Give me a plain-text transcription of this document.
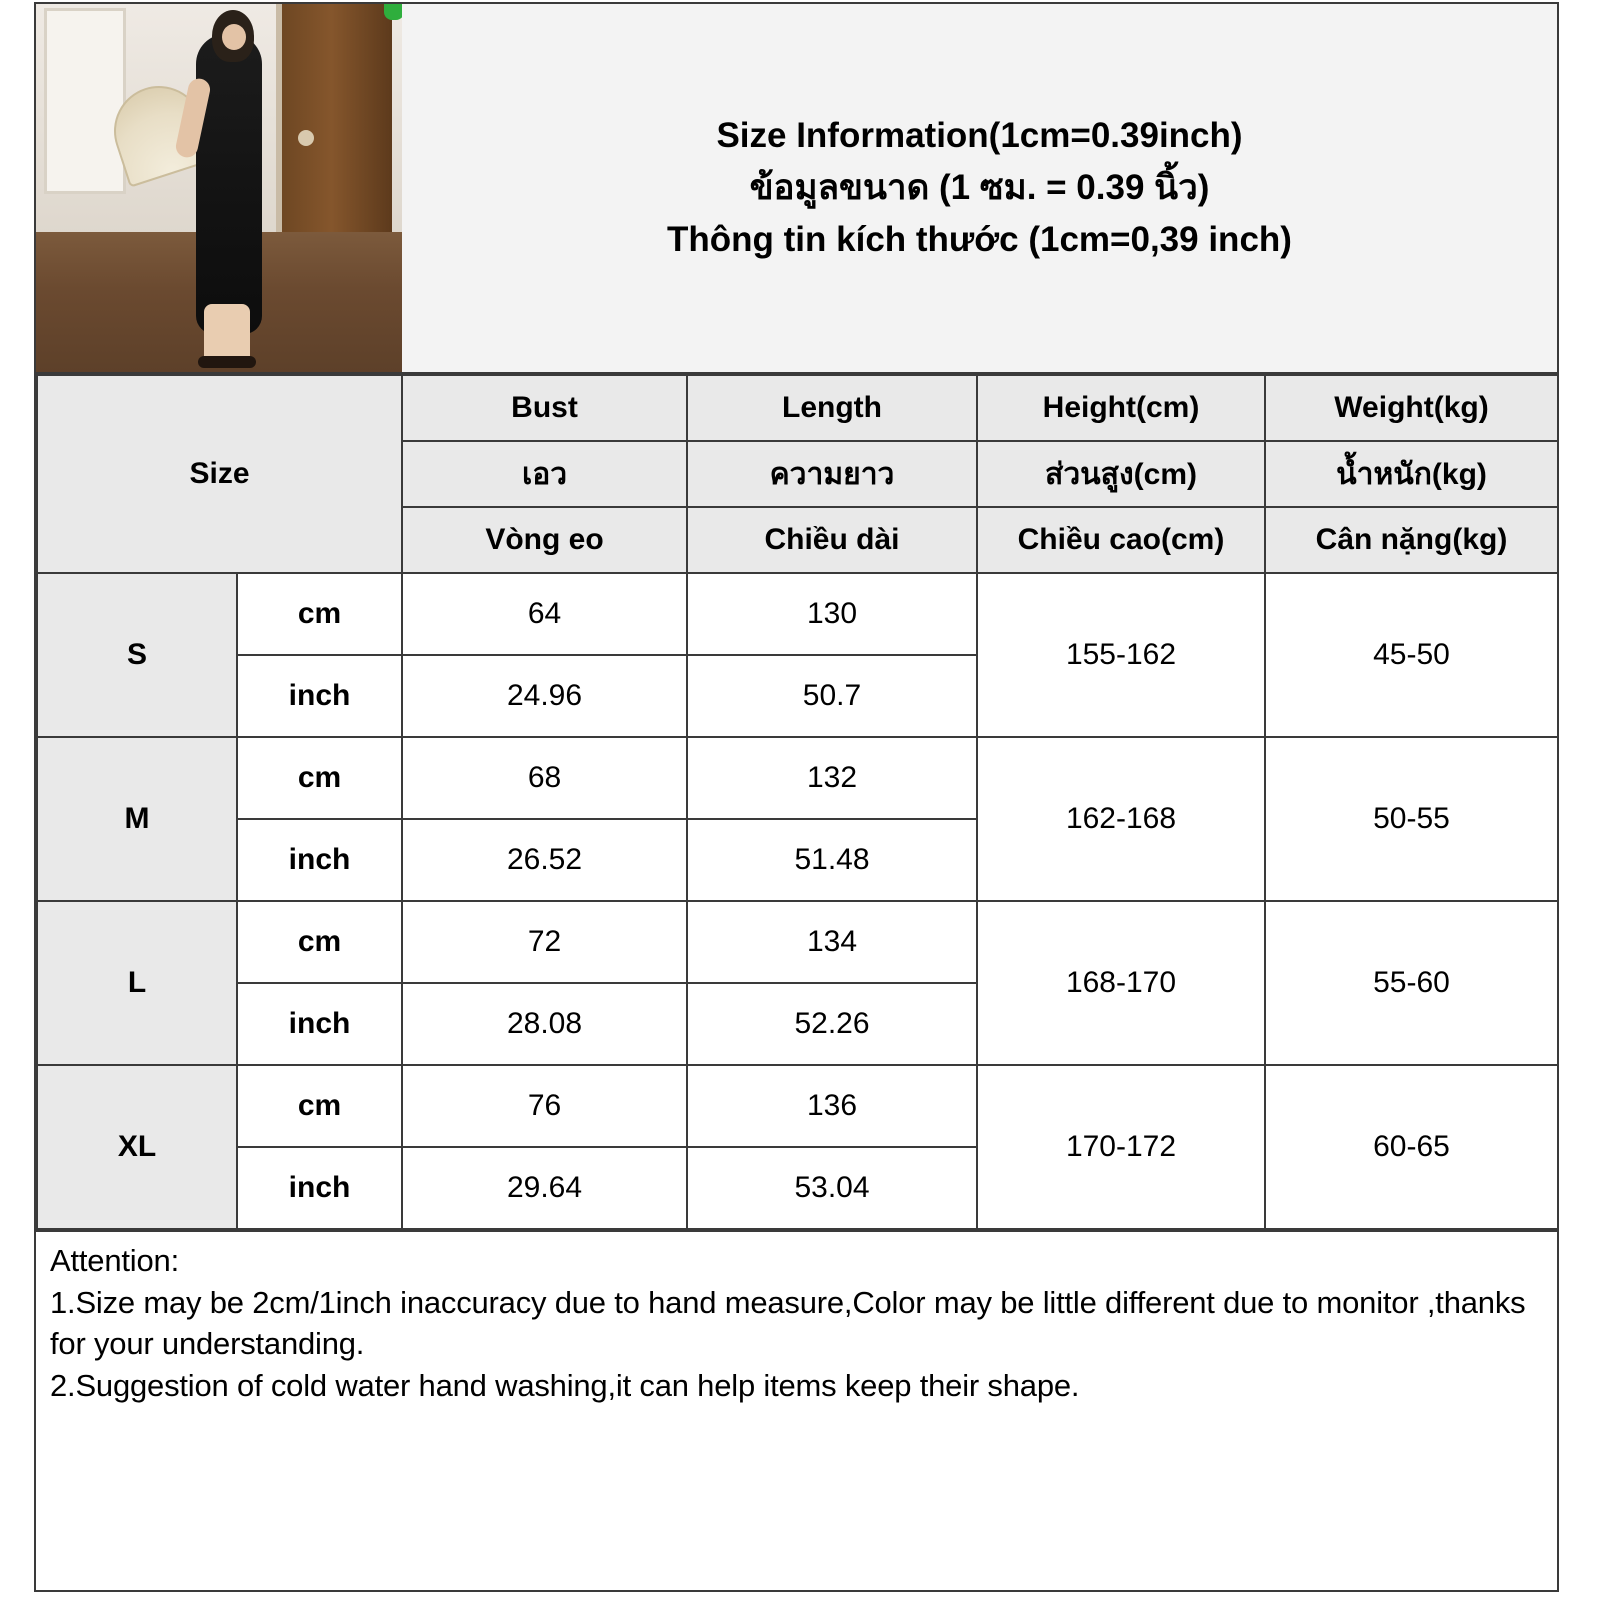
Size Information(1cm=0.39inch)
ข้อมูลขนาด (1 ซม. = 0.39 นิ้ว)
Thông tin kích thước (1cm=0,39 inch)
Size		Bust	Length	Height(cm)	Weight(kg)
		เอว	ความยาว	ส่วนสูง(cm)	น้ำหนัก(kg)
		Vòng eo	Chiều dài	Chiều cao(cm)	Cân nặng(kg)
S	cm	64	130	155-162	45-50
	inch	24.96	50.7		
M	cm	68	132	162-168	50-55
	inch	26.52	51.48		
L	cm	72	134	168-170	55-60
	inch	28.08	52.26		
XL	cm	76	136	170-172	60-65
	inch	29.64	53.04		

Attention:

1.Size may be 2cm/1inch inaccuracy due to hand measure,Color may be little different due to monitor ,thanks for your understanding.

2.Suggestion of cold water hand washing,it can help items keep their shape.
